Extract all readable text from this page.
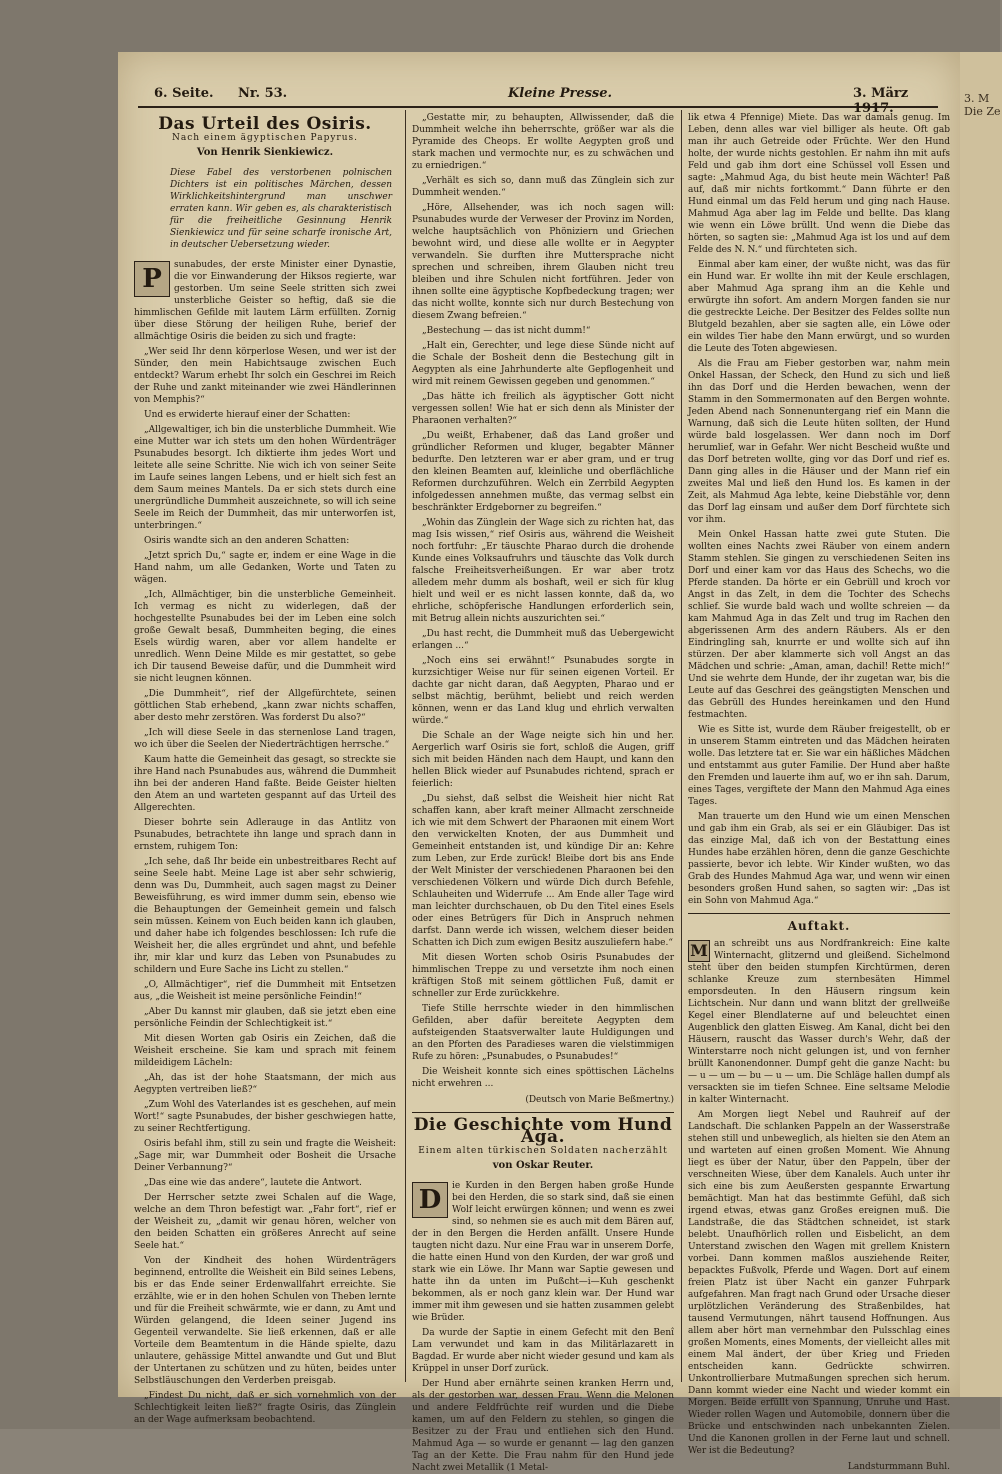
3. M Die Ze
6. Seite. Nr. 53.	Kleine Presse.	3. März 1917.
Das Urteil des Osiris.
Nach einem ägyptischen Papyrus.
Von Henrik Sienkiewicz.
Diese Fabel des verstorbenen polnischen Dichters ist ein politisches Märchen, dessen Wirklichkeitshintergrund man unschwer erraten kann. Wir geben es, als charakteristisch für die freiheitliche Gesinnung Henrik Sienkiewicz und für seine scharfe ironische Art, in deutscher Uebersetzung wieder.

P	sunabudes, der erste Minister einer Dynastie, die vor Einwanderung der Hiksos regierte, war gestorben. Um seine Seele stritten sich zwei unsterbliche Geister so heftig, daß sie die himmlischen Gefilde mit lautem Lärm erfüllten. Zornig über diese Störung der heiligen Ruhe, berief der allmächtige Osiris die beiden zu sich und fragte:

„Wer seid Ihr denn körperlose Wesen, und wer ist der Sünder, den mein Habichtsauge zwischen Euch entdeckt? Warum erhebt Ihr solch ein Geschrei im Reich der Ruhe und zankt miteinander wie zwei Händlerinnen von Memphis?“

Und es erwiderte hierauf einer der Schatten:

„Allgewaltiger, ich bin die unsterbliche Dummheit. Wie eine Mutter war ich stets um den hohen Würdenträger Psunabudes besorgt. Ich diktierte ihm jedes Wort und leitete alle seine Schritte. Nie wich ich von seiner Seite im Laufe seines langen Lebens, und er hielt sich fest an dem Saum meines Mantels. Da er sich stets durch eine unergründliche Dummheit auszeichnete, so will ich seine Seele im Reich der Dummheit, das mir unterworfen ist, unterbringen.“

Osiris wandte sich an den anderen Schatten:

„Jetzt sprich Du,“ sagte er, indem er eine Wage in die Hand nahm, um alle Gedanken, Worte und Taten zu wägen.

„Ich, Allmächtiger, bin die unsterbliche Gemeinheit. Ich vermag es nicht zu widerlegen, daß der hochgestellte Psunabudes bei der im Leben eine solch große Gewalt besaß, Dummheiten beging, die eines Esels würdig waren, aber vor allem handelte er unredlich. Wenn Deine Milde es mir gestattet, so gebe ich Dir tausend Beweise dafür, und die Dummheit wird sie nicht leugnen können.

„Die Dummheit“, rief der Allgefürchtete, seinen göttlichen Stab erhebend, „kann zwar nichts schaffen, aber desto mehr zerstören. Was forderst Du also?“

„Ich will diese Seele in das sternenlose Land tragen, wo ich über die Seelen der Niederträchtigen herrsche.“

Kaum hatte die Gemeinheit das gesagt, so streckte sie ihre Hand nach Psunabudes aus, während die Dummheit ihn bei der anderen Hand faßte. Beide Geister hielten den Atem an und warteten gespannt auf das Urteil des Allgerechten.

Dieser bohrte sein Adlerauge in das Antlitz von Psunabudes, betrachtete ihn lange und sprach dann in ernstem, ruhigem Ton:

„Ich sehe, daß Ihr beide ein unbestreitbares Recht auf seine Seele habt. Meine Lage ist aber sehr schwierig, denn was Du, Dummheit, auch sagen magst zu Deiner Beweisführung, es wird immer dumm sein, ebenso wie die Behauptungen der Gemeinheit gemein und falsch sein müssen. Keinem von Euch beiden kann ich glauben, und daher habe ich folgendes beschlossen: Ich rufe die Weisheit her, die alles ergründet und ahnt, und befehle ihr, mir klar und kurz das Leben von Psunabudes zu schildern und Eure Sache ins Licht zu stellen.“

„O, Allmächtiger“, rief die Dummheit mit Entsetzen aus, „die Weisheit ist meine persönliche Feindin!“

„Aber Du kannst mir glauben, daß sie jetzt eben eine persönliche Feindin der Schlechtigkeit ist.“

Mit diesen Worten gab Osiris ein Zeichen, daß die Weisheit erscheine. Sie kam und sprach mit feinem mildeidigem Lächeln:

„Ah, das ist der hohe Staatsmann, der mich aus Aegypten vertreiben ließ?“

„Zum Wohl des Vaterlandes ist es geschehen, auf mein Wort!“ sagte Psunabudes, der bisher geschwiegen hatte, zu seiner Rechtfertigung.

Osiris befahl ihm, still zu sein und fragte die Weisheit: „Sage mir, war Dummheit oder Bosheit die Ursache Deiner Verbannung?“

„Das eine wie das andere“, lautete die Antwort.

Der Herrscher setzte zwei Schalen auf die Wage, welche an dem Thron befestigt war. „Fahr fort“, rief er der Weisheit zu, „damit wir genau hören, welcher von den beiden Schatten ein größeres Anrecht auf seine Seele hat.“

Von der Kindheit des hohen Würdenträgers beginnend, entrollte die Weisheit ein Bild seines Lebens, bis er das Ende seiner Erdenwallfahrt erreichte. Sie erzählte, wie er in den hohen Schulen von Theben lernte und für die Freiheit schwärmte, wie er dann, zu Amt und Würden gelangend, die Ideen seiner Jugend ins Gegenteil verwandelte. Sie ließ erkennen, daß er alle Vorteile dem Beamtentum in die Hände spielte, dazu unlautere, gehässige Mittel anwandte und Gut und Blut der Untertanen zu schützen und zu hüten, beides unter Selbstläuschungen den Verderben preisgab.

„Findest Du nicht, daß er sich vornehmlich von der Schlechtigkeit leiten ließ?“ fragte Osiris, das Zünglein an der Wage aufmerksam beobachtend.

„Gestatte mir, zu behaupten, Allwissender, daß die Dummheit welche ihn beherrschte, größer war als die Pyramide des Cheops. Er wollte Aegypten groß und stark machen und vermochte nur, es zu schwächen und zu erniedrigen.“

„Verhält es sich so, dann muß das Zünglein sich zur Dummheit wenden.“

„Höre, Allsehender, was ich noch sagen will: Psunabudes wurde der Verweser der Provinz im Norden, welche hauptsächlich von Phöniziern und Griechen bewohnt wird, und diese alle wollte er in Aegypter verwandeln. Sie durften ihre Muttersprache nicht sprechen und schreiben, ihrem Glauben nicht treu bleiben und ihre Schulen nicht fortführen. Jeder von ihnen sollte eine ägyptische Kopfbedeckung tragen; wer das nicht wollte, konnte sich nur durch Bestechung von diesem Zwang befreien.“

„Bestechung — das ist nicht dumm!“

„Halt ein, Gerechter, und lege diese Sünde nicht auf die Schale der Bosheit denn die Bestechung gilt in Aegypten als eine Jahrhunderte alte Gepflogenheit und wird mit reinem Gewissen gegeben und genommen.“

„Das hätte ich freilich als ägyptischer Gott nicht vergessen sollen! Wie hat er sich denn als Minister der Pharaonen verhalten?“

„Du weißt, Erhabener, daß das Land großer und gründlicher Reformen und kluger, begabter Männer bedurfte. Den letzteren war er aber gram, und er trug den kleinen Beamten auf, kleinliche und oberflächliche Reformen durchzuführen. Welch ein Zerrbild Aegypten infolgedessen annehmen mußte, das vermag selbst ein beschränkter Erdgeborner zu begreifen.“

„Wohin das Zünglein der Wage sich zu richten hat, das mag Isis wissen,“ rief Osiris aus, während die Weisheit noch fortfuhr: „Er täuschte Pharao durch die drohende Kunde eines Volksaufruhrs und täuschte das Volk durch falsche Freiheitsverheißungen. Er war aber trotz alledem mehr dumm als boshaft, weil er sich für klug hielt und weil er es nicht lassen konnte, daß da, wo ehrliche, schöpferische Handlungen erforderlich sein, mit Betrug allein nichts auszurichten sei.“

„Du hast recht, die Dummheit muß das Uebergewicht erlangen ...“

„Noch eins sei erwähnt!“ Psunabudes sorgte in kurzsichtiger Weise nur für seinen eigenen Vorteil. Er dachte gar nicht daran, daß Aegypten, Pharao und er selbst mächtig, berühmt, beliebt und reich werden können, wenn er das Land klug und ehrlich verwalten würde.“

Die Schale an der Wage neigte sich hin und her. Aergerlich warf Osiris sie fort, schloß die Augen, griff sich mit beiden Händen nach dem Haupt, und kann den hellen Blick wieder auf Psunabudes richtend, sprach er feierlich:

„Du siehst, daß selbst die Weisheit hier nicht Rat schaffen kann, aber kraft meiner Allmacht zerschneide ich wie mit dem Schwert der Pharaonen mit einem Wort den verwickelten Knoten, der aus Dummheit und Gemeinheit entstanden ist, und kündige Dir an: Kehre zum Leben, zur Erde zurück! Bleibe dort bis ans Ende der Welt Minister der verschiedenen Pharaonen bei den verschiedenen Völkern und würde Dich durch Befehle, Schlauheiten und Widerrufe ... Am Ende aller Tage wird man leichter durchschauen, ob Du den Titel eines Esels oder eines Betrügers für Dich in Anspruch nehmen darfst. Dann werde ich wissen, welchem dieser beiden Schatten ich Dich zum ewigen Besitz auszuliefern habe.“

Mit diesen Worten schob Osiris Psunabudes der himmlischen Treppe zu und versetzte ihm noch einen kräftigen Stoß mit seinem göttlichen Fuß, damit er schneller zur Erde zurückkehre.

Tiefe Stille herrschte wieder in den himmlischen Gefilden, aber dafür bereitete Aegypten dem aufsteigenden Staatsverwalter laute Huldigungen und an den Pforten des Paradieses waren die vielstimmigen Rufe zu hören: „Psunabudes, o Psunabudes!“

Die Weisheit konnte sich eines spöttischen Lächelns nicht erwehren ...

(Deutsch von Marie Beßmertny.)
Die Geschichte vom Hund Aga.
Einem alten türkischen Soldaten nacherzählt
von Oskar Reuter.

D	ie Kurden in den Bergen haben große Hunde bei den Herden, die so stark sind, daß sie einen Wolf leicht erwürgen können; und wenn es zwei sind, so nehmen sie es auch mit dem Bären auf, der in den Bergen die Herden anfällt. Unsere Hunde taugten nicht dazu. Nur eine Frau war in unserem Dorfe, die hatte einen Hund von den Kurden, der war groß und stark wie ein Löwe. Ihr Mann war Saptie gewesen und hatte ihn da unten im Pußcht—i—Kuh geschenkt bekommen, als er noch ganz klein war. Der Hund war immer mit ihm gewesen und sie hatten zusammen gelebt wie Brüder.

Da wurde der Saptie in einem Gefecht mit den Benî Lam verwundet und kam in das Militärlazarett in Bagdad. Er wurde aber nicht wieder gesund und kam als Krüppel in unser Dorf zurück.

Der Hund aber ernährte seinen kranken Herrn und, als der gestorben war, dessen Frau. Wenn die Melonen und andere Feldfrüchte reif wurden und die Diebe kamen, um auf den Feldern zu stehlen, so gingen die Besitzer zu der Frau und entliehen sich den Hund. Mahmud Aga — so wurde er genannt — lag den ganzen Tag an der Kette. Die Frau nahm für den Hund jede Nacht zwei Metallik (1 Metal-

lik etwa 4 Pfennige) Miete. Das war damals genug. Im Leben, denn alles war viel billiger als heute. Oft gab man ihr auch Getreide oder Früchte. Wer den Hund holte, der wurde nichts gestohlen. Er nahm ihn mit aufs Feld und gab ihm dort eine Schüssel voll Essen und sagte: „Mahmud Aga, du bist heute mein Wächter! Paß auf, daß mir nichts fortkommt.“ Dann führte er den Hund einmal um das Feld herum und ging nach Hause. Mahmud Aga aber lag im Felde und bellte. Das klang wie wenn ein Löwe brüllt. Und wenn die Diebe das hörten, so sagten sie: „Mahmud Aga ist los und auf dem Felde des N. N.“ und fürchteten sich.

Einmal aber kam einer, der wußte nicht, was das für ein Hund war. Er wollte ihn mit der Keule erschlagen, aber Mahmud Aga sprang ihm an die Kehle und erwürgte ihn sofort. Am andern Morgen fanden sie nur die gestreckte Leiche. Der Besitzer des Feldes sollte nun Blutgeld bezahlen, aber sie sagten alle, ein Löwe oder ein wildes Tier habe den Mann erwürgt, und so wurden die Leute des Toten abgewiesen.

Als die Frau am Fieber gestorben war, nahm mein Onkel Hassan, der Scheck, den Hund zu sich und ließ ihn das Dorf und die Herden bewachen, wenn der Stamm in den Sommermonaten auf den Bergen wohnte. Jeden Abend nach Sonnenuntergang rief ein Mann die Warnung, daß sich die Leute hüten sollten, der Hund würde bald losgelassen. Wer dann noch im Dorf herumlief, war in Gefahr. Wer nicht Bescheid wußte und das Dorf betreten wollte, ging vor das Dorf und rief es. Dann ging alles in die Häuser und der Mann rief ein zweites Mal und ließ den Hund los. Es kamen in der Zeit, als Mahmud Aga lebte, keine Diebstähle vor, denn das Dorf lag einsam und außer dem Dorf fürchtete sich vor ihm.

Mein Onkel Hassan hatte zwei gute Stuten. Die wollten eines Nachts zwei Räuber von einem andern Stamm stehlen. Sie gingen zu verschiedenen Seiten ins Dorf und einer kam vor das Haus des Schechs, wo die Pferde standen. Da hörte er ein Gebrüll und kroch vor Angst in das Zelt, in dem die Tochter des Schechs schlief. Sie wurde bald wach und wollte schreien — da kam Mahmud Aga in das Zelt und trug im Rachen den abgerissenen Arm des andern Räubers. Als er den Eindringling sah, knurrte er und wollte sich auf ihn stürzen. Der aber klammerte sich voll Angst an das Mädchen und schrie: „Aman, aman, dachil! Rette mich!“ Und sie wehrte dem Hunde, der ihr zugetan war, bis die Leute auf das Geschrei des geängstigten Menschen und das Gebrüll des Hundes hereinkamen und den Hund festmachten.

Wie es Sitte ist, wurde dem Räuber freigestellt, ob er in unserem Stamm eintreten und das Mädchen heiraten wolle. Das letztere tat er. Sie war ein häßliches Mädchen und entstammt aus guter Familie. Der Hund aber haßte den Fremden und lauerte ihm auf, wo er ihn sah. Darum, eines Tages, vergiftete der Mann den Mahmud Aga eines Tages.

Man trauerte um den Hund wie um einen Menschen und gab ihm ein Grab, als sei er ein Gläubiger. Das ist das einzige Mal, daß ich von der Bestattung eines Hundes habe erzählen hören, denn die ganze Geschichte passierte, bevor ich lebte. Wir Kinder wußten, wo das Grab des Hundes Mahmud Aga war, und wenn wir einen besonders großen Hund sahen, so sagten wir: „Das ist ein Sohn von Mahmud Aga.“

Auftakt.

M an schreibt uns aus Nordfrankreich: Eine kalte Winternacht, glitzernd und gleißend. Sichelmond steht über den beiden stumpfen Kirchtürmen, deren schlanke Kreuze zum sternbesäten Himmel emporsdeuten. In den Häusern ringsum kein Lichtschein. Nur dann und wann blitzt der grellweiße Kegel einer Blendlaterne auf und beleuchtet einen Augenblick den glatten Eisweg. Am Kanal, dicht bei den Häusern, rauscht das Wasser durch's Wehr, daß der Winterstarre noch nicht gelungen ist, und von fernher brüllt Kanonendonner. Dumpf geht die ganze Nacht: bu — u — um — bu — u — um. Die Schläge hallen dumpf als versackten sie im tiefen Schnee. Eine seltsame Melodie in kalter Winternacht.

Am Morgen liegt Nebel und Rauhreif auf der Landschaft. Die schlanken Pappeln an der Wasserstraße stehen still und unbeweglich, als hielten sie den Atem an und warteten auf einen großen Moment. Wie Ahnung liegt es über der Natur, über den Pappeln, über der verschneiten Wiese, über dem Kanalels. Auch unter ihr sich eine bis zum Aeußersten gespannte Erwartung bemächtigt. Man hat das bestimmte Gefühl, daß sich irgend etwas, etwas ganz Großes ereignen muß. Die Landstraße, die das Städtchen schneidet, ist stark belebt. Unaufhörlich rollen und Eisbelicht, an dem Unterstand zwischen den Wagen mit grellem Knistern vorbei. Dann kommen maßlos ausziehende Reiter, bepacktes Fußvolk, Pferde und Wagen. Dort auf einem freien Platz ist über Nacht ein ganzer Fuhrpark aufgefahren. Man fragt nach Grund oder Ursache dieser urplötzlichen Veränderung des Straßenbildes, hat tausend Vermutungen, nährt tausend Hoffnungen. Aus allem aber hört man vernehmbar den Pulsschlag eines großen Moments, eines Moments, der vielleicht alles mit einem Mal ändert, der über Krieg und Frieden entscheiden kann. Gedrückte schwirren. Unkontrollierbare Mutmaßungen sprechen sich herum. Dann kommt wieder eine Nacht und wieder kommt ein Morgen. Beide erfüllt von Spannung, Unruhe und Hast. Wieder rollen Wagen und Automobile, donnern über die Brücke und entschwinden nach unbekannten Zielen. Und die Kanonen grollen in der Ferne laut und schnell. Wer ist die Bedeutung?

Landsturmmann Buhl.
